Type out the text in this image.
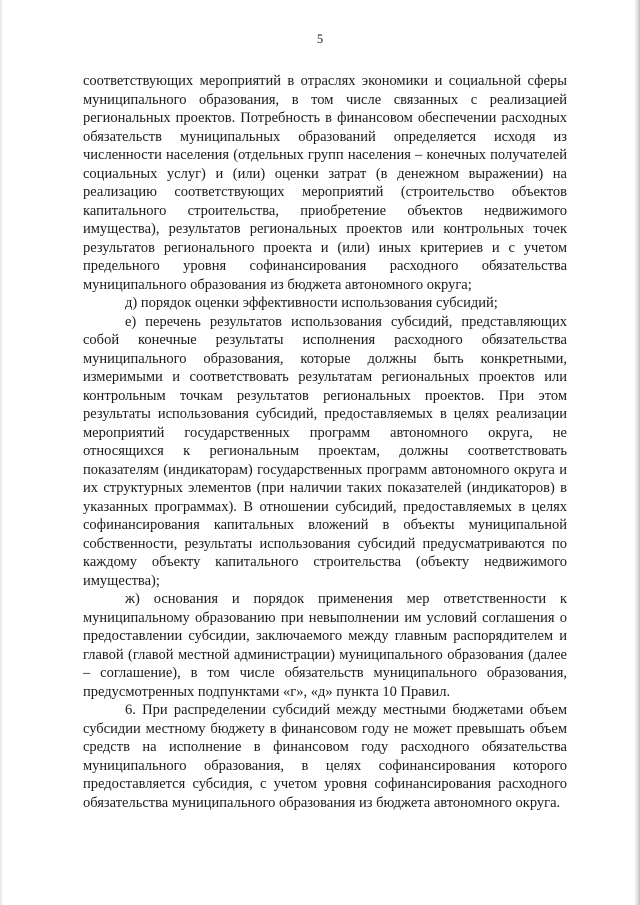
5

соответствующих мероприятий в отраслях экономики и социальной сферы муниципального образования, в том числе связанных с реализацией региональных проектов. Потребность в финансовом обеспечении расходных обязательств муниципальных образований определяется исходя из численности населения (отдельных групп населения – конечных получателей социальных услуг) и (или) оценки затрат (в денежном выражении) на реализацию соответствующих мероприятий (строительство объектов капитального строительства, приобретение объектов недвижимого имущества), результатов региональных проектов или контрольных точек результатов регионального проекта и (или) иных критериев и с учетом предельного уровня софинансирования расходного обязательства муниципального образования из бюджета автономного округа;

д) порядок оценки эффективности использования субсидий;

е) перечень результатов использования субсидий, представляющих собой конечные результаты исполнения расходного обязательства муниципального образования, которые должны быть конкретными, измеримыми и соответствовать результатам региональных проектов или контрольным точкам результатов региональных проектов. При этом результаты использования субсидий, предоставляемых в целях реализации мероприятий государственных программ автономного округа, не относящихся к региональным проектам, должны соответствовать показателям (индикаторам) государственных программ автономного округа и их структурных элементов (при наличии таких показателей (индикаторов) в указанных программах). В отношении субсидий, предоставляемых в целях софинансирования капитальных вложений в объекты муниципальной собственности, результаты использования субсидий предусматриваются по каждому объекту капитального строительства (объекту недвижимого имущества);

ж) основания и порядок применения мер ответственности к муниципальному образованию при невыполнении им условий соглашения о предоставлении субсидии, заключаемого между главным распорядителем и главой (главой местной администрации) муниципального образования (далее – соглашение), в том числе обязательств муниципального образования, предусмотренных подпунктами «г», «д» пункта 10 Правил.

6. При распределении субсидий между местными бюджетами объем субсидии местному бюджету в финансовом году не может превышать объем средств на исполнение в финансовом году расходного обязательства муниципального образования, в целях софинансирования которого предоставляется субсидия, с учетом уровня софинансирования расходного обязательства муниципального образования из бюджета автономного округа.
